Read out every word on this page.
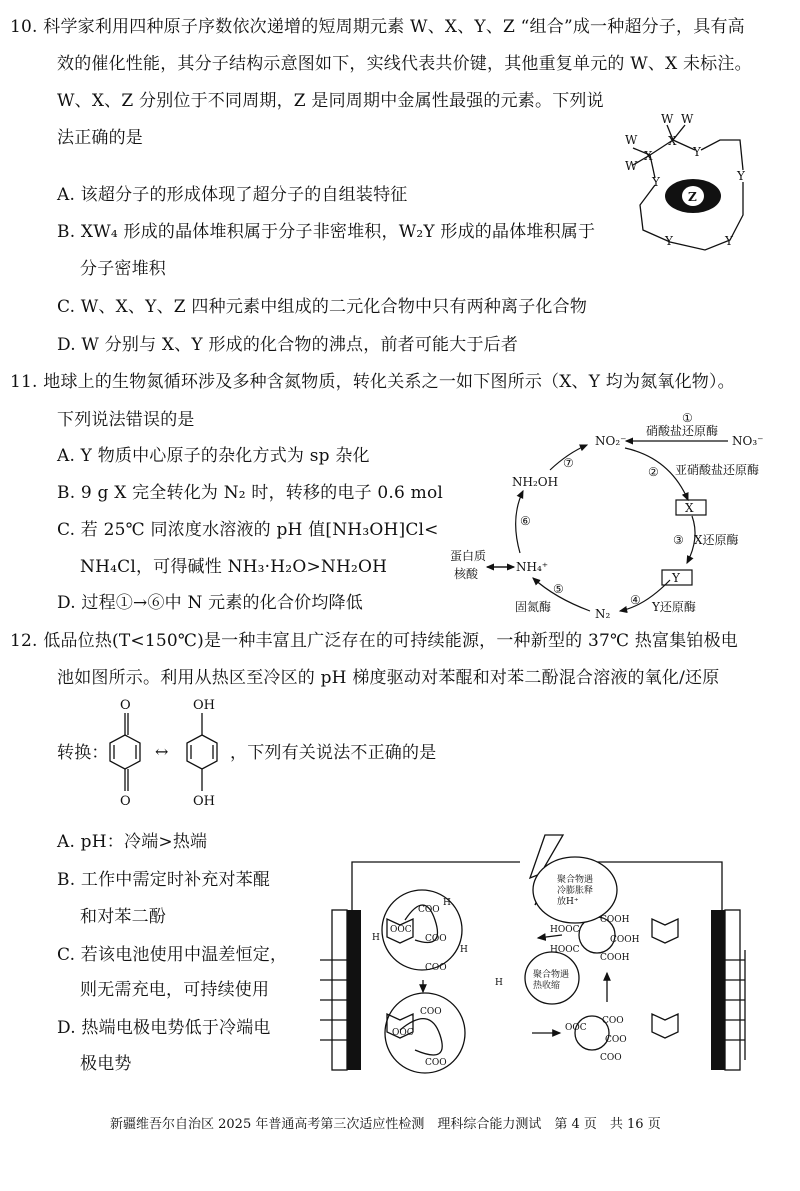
10. 科学家利用四种原子序数依次递增的短周期元素 W、X、Y、Z “组合”成一种超分子，具有高
效的催化性能，其分子结构示意图如下，实线代表共价键，其他重复单元的 W、X 未标注。
W、X、Z 分别位于不同周期，Z 是同周期中金属性最强的元素。下列说
法正确的是
A. 该超分子的形成体现了超分子的自组装特征
B. XW₄ 形成的晶体堆积属于分子非密堆积，W₂Y 形成的晶体堆积属于
分子密堆积
C. W、X、Y、Z 四种元素中组成的二元化合物中只有两种离子化合物
D. W 分别与 X、Y 形成的化合物的沸点，前者可能大于后者
W
W
W W
X
X
Y
Y	Y
Y	Y
Z
11. 地球上的生物氮循环涉及多种含氮物质，转化关系之一如下图所示（X、Y 均为氮氧化物）。
下列说法错误的是
A. Y 物质中心原子的杂化方式为 sp 杂化
B. 9 g X 完全转化为 N₂ 时，转移的电子 0.6 mol
C. 若 25℃ 同浓度水溶液的 pH 值[NH₃OH]Cl<
NH₄Cl，可得碱性 NH₃·H₂O>NH₂OH
D. 过程①→⑥中 N 元素的化合价均降低
①
硝酸盐还原酶
NO₃⁻
NO₂⁻
② 亚硝酸盐还原酶
X
③ X还原酶
Y
④ Y还原酶
N₂
⑤
固氮酶
NH₄⁺
蛋白质
核酸
⑥
NH₂OH
⑦
12. 低品位热(T<150℃)是一种丰富且广泛存在的可持续能源，一种新型的 37℃ 热富集铂极电
池如图所示。利用从热区至冷区的 pH 梯度驱动对苯醌和对苯二酚混合溶液的氧化/还原
转换：	，下列有关说法不正确的是
O
O
↔
OH
OH
A. pH：冷端>热端
B. 工作中需定时补充对苯醌
和对苯二酚
C. 若该电池使用中温差恒定，
则无需充电，可持续使用
D. 热端电极电势低于冷端电
极电势
聚合物遇
冷膨胀释
放H⁺
聚合物遇
热收缩
COO
OOC
COO
COO
COO
OOC
COO
HOOC
HOOC
COOH
COOH
COOH
OOC
COO
COO
COO
H
H
H
H
新疆维吾尔自治区 2025 年普通高考第三次适应性检测　理科综合能力测试　第 4 页　共 16 页
